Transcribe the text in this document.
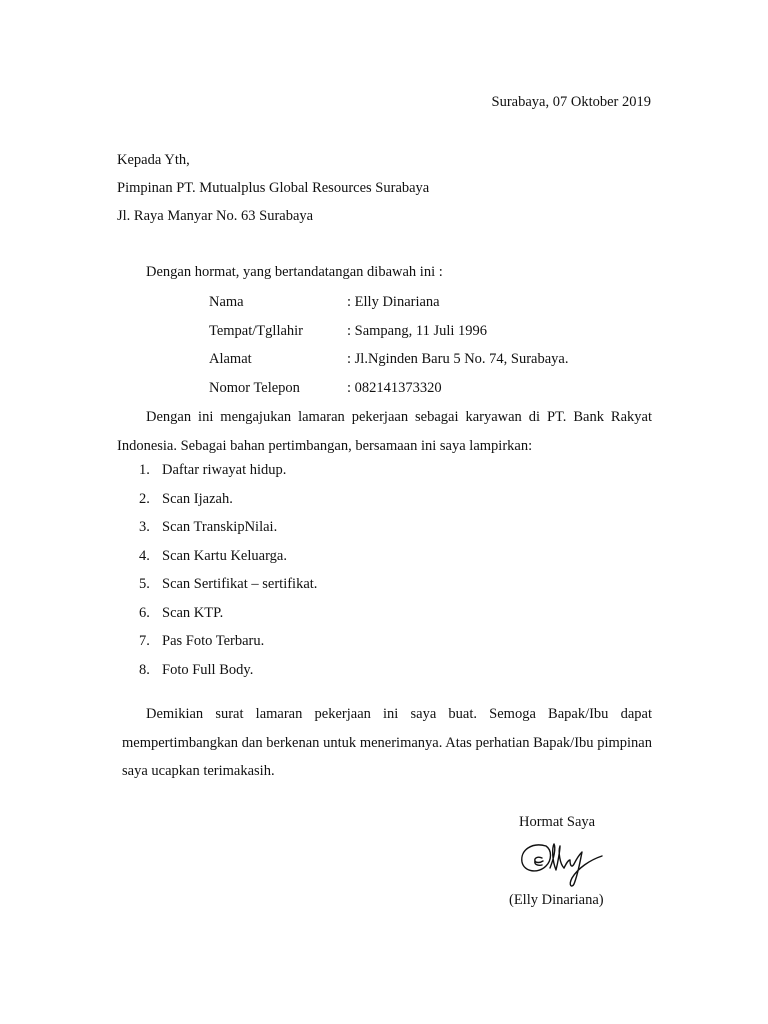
Surabaya, 07 Oktober 2019
Kepada Yth,
Pimpinan PT. Mutualplus Global Resources Surabaya
Jl. Raya Manyar No. 63 Surabaya
Dengan hormat, yang bertandatangan dibawah ini :
Nama	: Elly Dinariana
Tempat/Tgllahir	: Sampang, 11 Juli 1996
Alamat	: Jl.Nginden Baru 5 No. 74, Surabaya.
Nomor Telepon	: 082141373320
Dengan ini mengajukan lamaran pekerjaan sebagai karyawan di PT. Bank Rakyat Indonesia. Sebagai bahan pertimbangan, bersamaan ini saya lampirkan:
1. Daftar riwayat hidup.
2. Scan Ijazah.
3. Scan TranskipNilai.
4. Scan Kartu Keluarga.
5. Scan Sertifikat – sertifikat.
6. Scan KTP.
7. Pas Foto Terbaru.
8. Foto Full Body.
Demikian surat lamaran pekerjaan ini saya buat. Semoga Bapak/Ibu dapat mempertimbangkan dan berkenan untuk menerimanya. Atas perhatian Bapak/Ibu pimpinan saya ucapkan terimakasih.
Hormat Saya
(Elly Dinariana)
